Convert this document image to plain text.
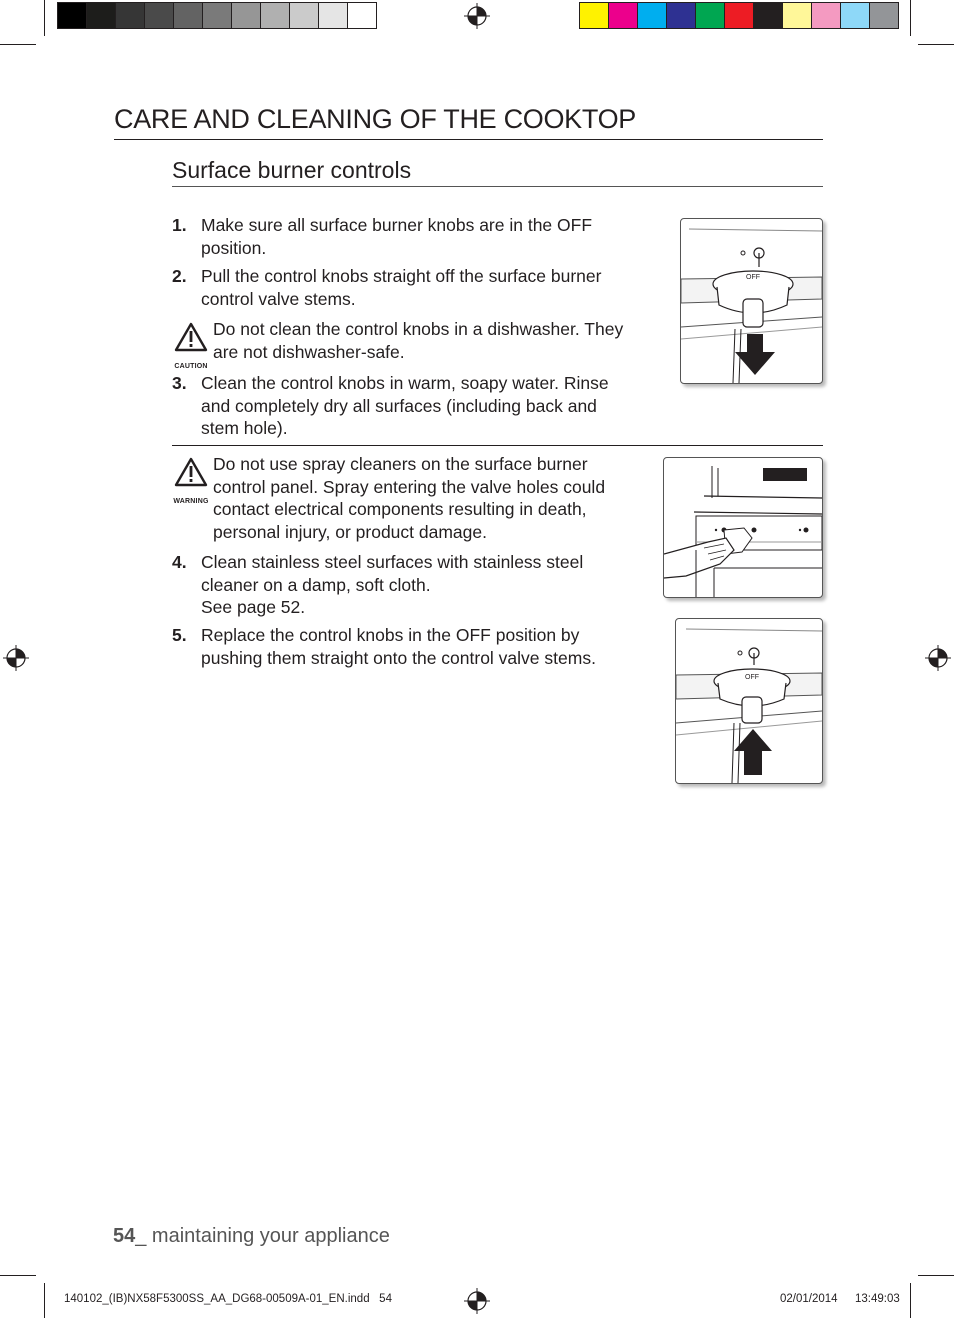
CARE AND CLEANING OF THE COOKTOP
Surface burner controls
1. Make sure all surface burner knobs are in the OFF position.
2. Pull the control knobs straight off the surface burner control valve stems.
CAUTION
Do not clean the control knobs in a dishwasher. They are not dishwasher-safe.
3. Clean the control knobs in warm, soapy water. Rinse and completely dry all surfaces (including back and stem hole).
WARNING
Do not use spray cleaners on the surface burner control panel. Spray entering the valve holes could contact electrical components resulting in death, personal injury, or product damage.
4. Clean stainless steel surfaces with stainless steel cleaner on a damp, soft cloth.
See page 52.
5. Replace the control knobs in the OFF position by pushing them straight onto the control valve stems.
OFF
OFF
54_ maintaining your appliance
140102_(IB)NX58F5300SS_AA_DG68-00509A-01_EN.indd   54	02/01/2014 13:49:03
